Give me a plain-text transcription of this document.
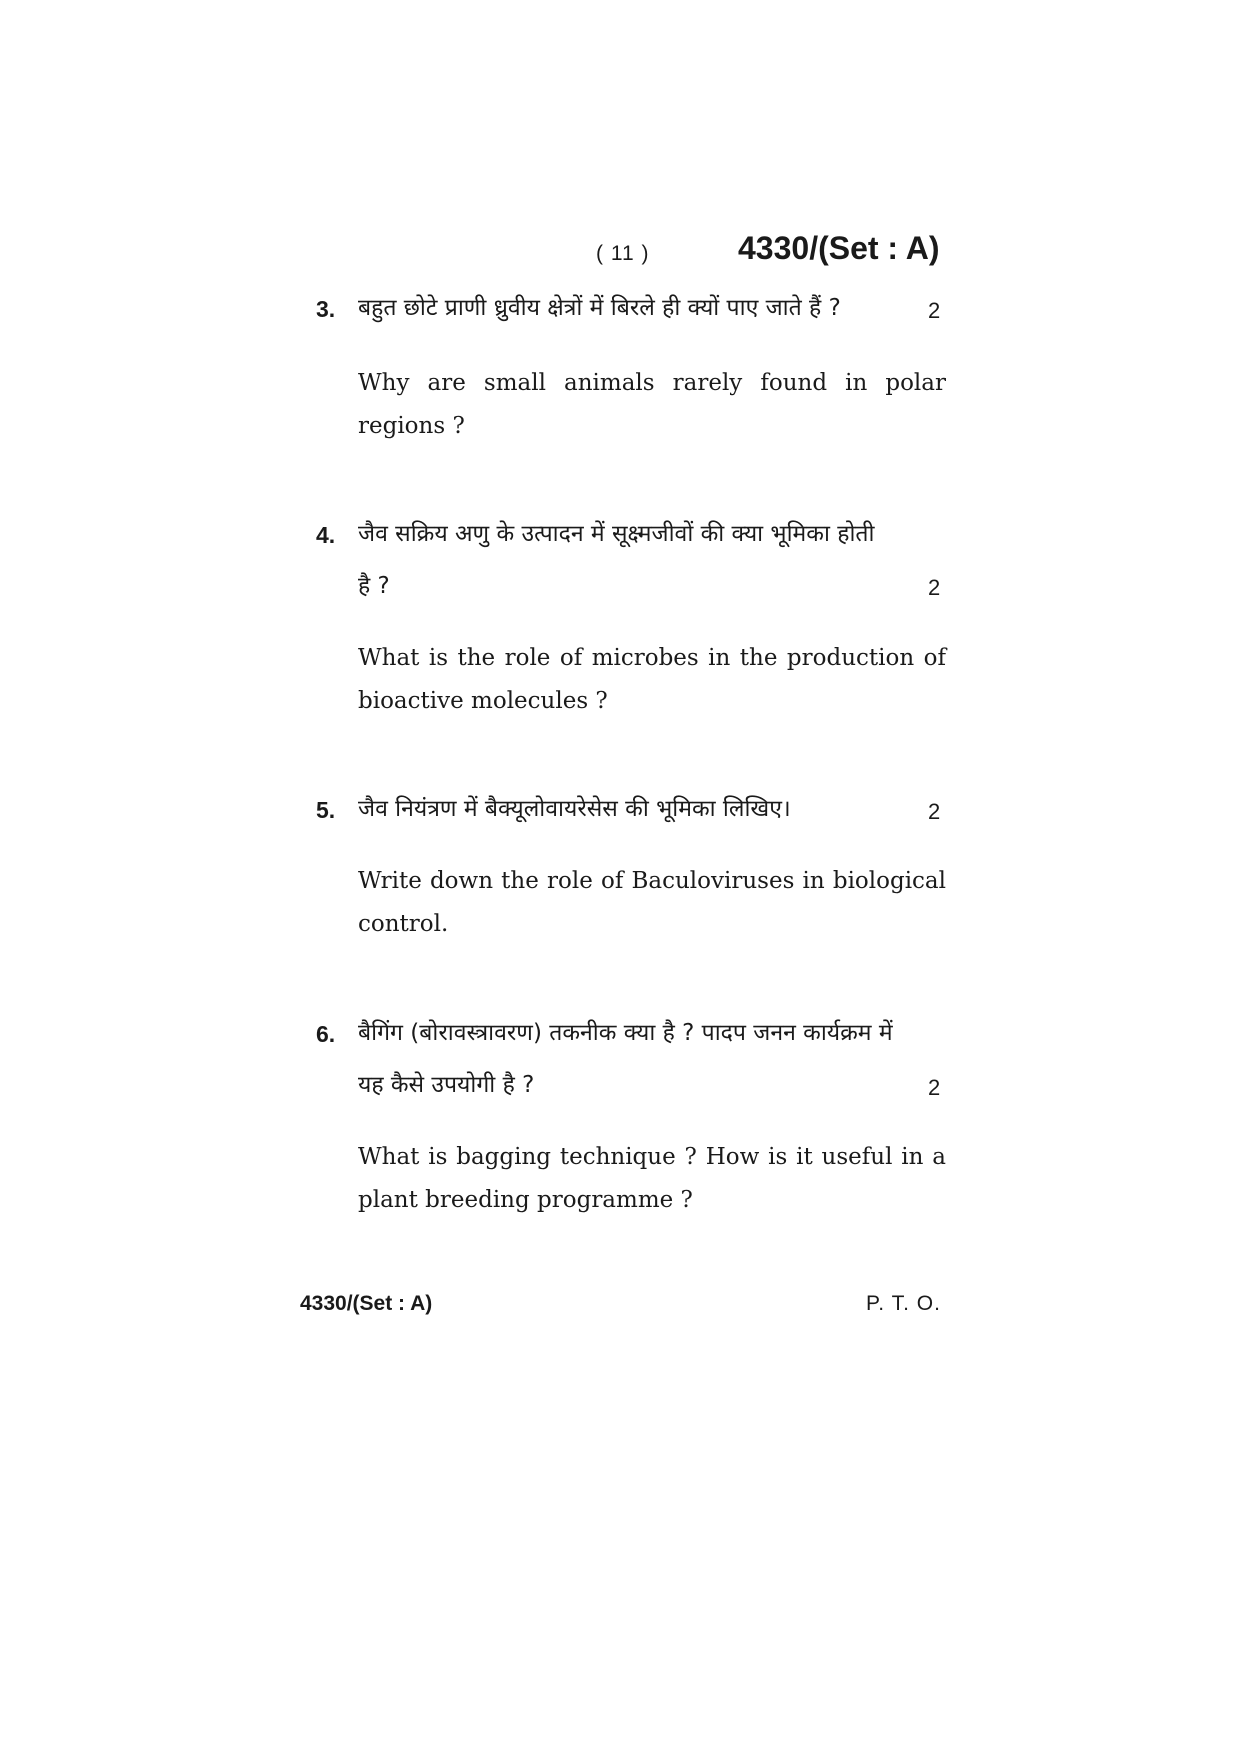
( 11 )	4330/(Set : A)
3. बहुत छोटे प्राणी ध्रुवीय क्षेत्रों में बिरले ही क्यों पाए जाते हैं ?	2
Why are small animals rarely found in polar regions ?
4. जैव सक्रिय अणु के उत्पादन में सूक्ष्मजीवों की क्या भूमिका होती
है ?	2
What is the role of microbes in the production of bioactive molecules ?
5. जैव नियंत्रण में बैक्यूलोवायरेसेस की भूमिका लिखिए।	2
Write down the role of Baculoviruses in biological control.
6. बैगिंग (बोरावस्त्रावरण) तकनीक क्या है ? पादप जनन कार्यक्रम में
यह कैसे उपयोगी है ?	2
What is bagging technique ? How is it useful in a plant breeding programme ?
4330/(Set : A)	P. T. O.
